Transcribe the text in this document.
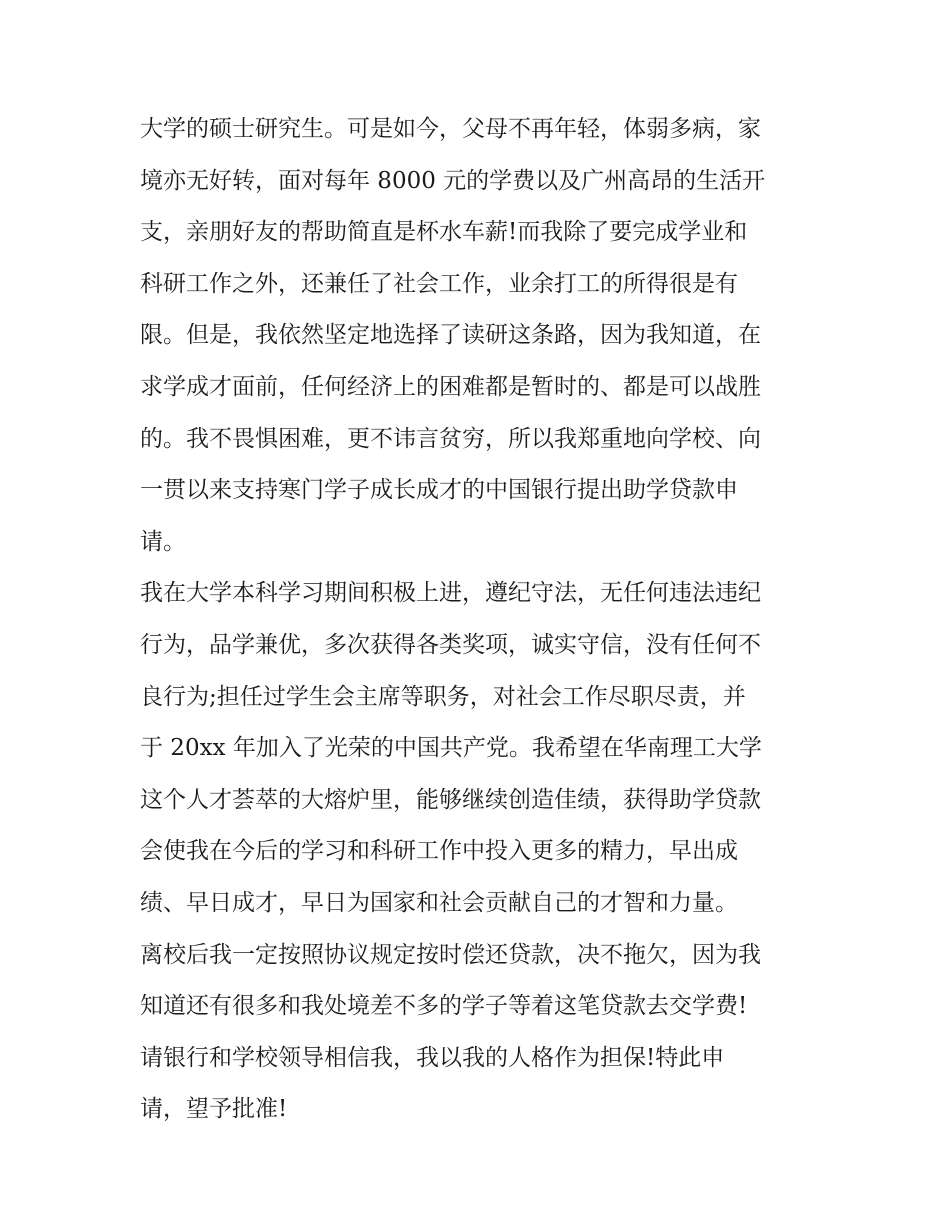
大学的硕士研究生。可是如今，父母不再年轻，体弱多病，家
境亦无好转，面对每年 8000 元的学费以及广州高昂的生活开
支，亲朋好友的帮助简直是杯水车薪!而我除了要完成学业和
科研工作之外，还兼任了社会工作，业余打工的所得很是有
限。但是，我依然坚定地选择了读研这条路，因为我知道，在
求学成才面前，任何经济上的困难都是暂时的、都是可以战胜
的。我不畏惧困难，更不讳言贫穷，所以我郑重地向学校、向
一贯以来支持寒门学子成长成才的中国银行提出助学贷款申
请。
我在大学本科学习期间积极上进，遵纪守法，无任何违法违纪
行为，品学兼优，多次获得各类奖项，诚实守信，没有任何不
良行为;担任过学生会主席等职务，对社会工作尽职尽责，并
于 20xx 年加入了光荣的中国共产党。我希望在华南理工大学
这个人才荟萃的大熔炉里，能够继续创造佳绩，获得助学贷款
会使我在今后的学习和科研工作中投入更多的精力，早出成
绩、早日成才，早日为国家和社会贡献自己的才智和力量。
离校后我一定按照协议规定按时偿还贷款，决不拖欠，因为我
知道还有很多和我处境差不多的学子等着这笔贷款去交学费!
请银行和学校领导相信我，我以我的人格作为担保!特此申
请，望予批准!
